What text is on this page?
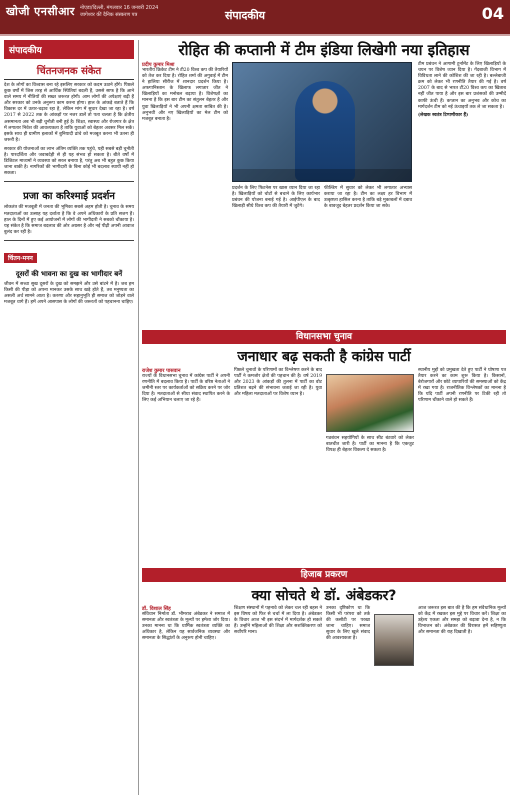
खोजी एनसीआर नोएडा/दिल्ली, मंगलवार 16 जनवरी 2024
जागेश्वर कीं दैनिक संस्करण पत्र	संपादकीय	04
संपादकीय
चिंतनजनक संकेत

देश के लोगों का विश्वास बना रहे इसलिए सरकार को कदम उठाने होंगे। पिछले कुछ वर्षों में जिस तरह से आर्थिक स्थितियां बदली हैं, उससे साफ है कि आने वाले समय में नीतियों की सख्त जरूरत होगी। आम लोगों की अपेक्षाएं बढ़ी हैं और सरकार को उनके अनुरूप काम करना होगा। हाल के आंकड़े बताते हैं कि विकास दर में उतार-चढ़ाव रहा है, लेकिन मांग में सुधार देखा जा रहा है। वर्ष 2017 से 2022 तक के आंकड़ों पर नजर डालें तो पता चलता है कि क्षेत्रीय असमानता अब भी बड़ी चुनौती बनी हुई है। शिक्षा, स्वास्थ्य और रोजगार के क्षेत्र में लगातार निवेश की आवश्यकता है ताकि युवाओं को बेहतर अवसर मिल सकें। इसके साथ ही ग्रामीण इलाकों में बुनियादी ढांचे को मजबूत करना भी उतना ही जरूरी है।

सरकार की योजनाओं का लाभ अंतिम व्यक्ति तक पहुंचे, यही सबसे बड़ी चुनौती है। पारदर्शिता और जवाबदेही से ही यह संभव हो सकता है। बीते वर्षों में डिजिटल माध्यमों ने व्यवस्था को सरल बनाया है, परंतु अब भी बहुत कुछ किया जाना बाकी है। नागरिकों की भागीदारी के बिना कोई भी बदलाव स्थायी नहीं हो सकता।

प्रजा का करिश्माई प्रदर्शन

लोकतंत्र की मजबूती में जनता की भूमिका सबसे अहम होती है। चुनाव के समय मतदाताओं का उत्साह यह दर्शाता है कि वे अपने अधिकारों के प्रति सजग हैं। हाल के दिनों में हुए कई आयोजनों में लोगों की भागीदारी ने सबको चौंकाया है। यह संकेत है कि समाज बदलाव की ओर अग्रसर है और नई पीढ़ी अपनी आवाज बुलंद कर रही है।

चिंतन-मनन
दूसरों की भावना का दुख का भागीदार बनें

जीवन में सच्चा सुख दूसरों के दुख को समझने और उसे बांटने में है। जब हम किसी की पीड़ा को अपना मानकर उसके साथ खड़े होते हैं, तब मनुष्यता का असली अर्थ सामने आता है। करुणा और सहानुभूति ही समाज को जोड़ने वाले मजबूत धागे हैं। हमें अपने आसपास के लोगों की जरूरतों को पहचानना चाहिए।

रोहित की कप्तानी में टीम इंडिया लिखेगी नया इतिहास
प्रदीप कुमार मिश्रा

भारतीय क्रिकेट टीम ने टी20 विश्व कप की तैयारियों को तेज कर दिया है। रोहित शर्मा की अगुवाई में टीम ने हालिया सीरीज में शानदार प्रदर्शन किया है। अफगानिस्तान के खिलाफ लगातार जीत ने खिलाड़ियों का मनोबल बढ़ाया है। विशेषज्ञों का मानना है कि इस बार टीम का संतुलन बेहतर है और युवा खिलाड़ियों ने भी अपनी क्षमता साबित की है। अनुभवी और नए खिलाड़ियों का मेल टीम को मजबूत बनाता है।

प्रदर्शन के लिए फिटनेस पर खास ध्यान दिया जा रहा है। खिलाड़ियों को चोटों से बचाने के लिए कार्यभार प्रबंधन की योजना बनाई गई है। आईपीएल के बाद खिलाड़ी सीधे विश्व कप की तैयारी में जुटेंगे।

फील्डिंग में सुधार को लेकर भी लगातार अभ्यास कराया जा रहा है। टीम का लक्ष्य हर विभाग में उत्कृष्टता हासिल करना है ताकि बड़े मुकाबलों में दबाव के बावजूद बेहतर प्रदर्शन किया जा सके।

टीम प्रबंधन ने आगामी टूर्नामेंट के लिए खिलाड़ियों के चयन पर विशेष ध्यान दिया है। गेंदबाजी विभाग में विविधता लाने की कोशिश की जा रही है। बल्लेबाजी क्रम को लेकर भी रणनीति तैयार की गई है। वर्ष 2007 के बाद से भारत टी20 विश्व कप का खिताब नहीं जीत पाया है और इस बार प्रशंसकों की उम्मीदें काफी ऊंची हैं। कप्तान का अनुभव और कोच का मार्गदर्शन टीम को नई ऊंचाइयों तक ले जा सकता है।

(लेखक स्वतंत्र टिप्पणीकार हैं)

विधानसभा चुनाव
जनाधार बढ़ सकती है कांग्रेस पार्टी
राजेश कुमार पासवान

राज्यों के विधानसभा चुनाव में कांग्रेस पार्टी ने अपनी रणनीति में बदलाव किया है। पार्टी के वरिष्ठ नेताओं ने जमीनी स्तर पर कार्यकर्ताओं को सक्रिय करने पर जोर दिया है। मतदाताओं से सीधा संवाद स्थापित करने के लिए कई अभियान चलाए जा रहे हैं।

पिछले चुनावों के परिणामों का विश्लेषण करने के बाद पार्टी ने कमजोर क्षेत्रों की पहचान की है। वर्ष 2019 और 2023 के आंकड़ों की तुलना में पार्टी का वोट प्रतिशत बढ़ने की संभावना जताई जा रही है। युवा और महिला मतदाताओं पर विशेष ध्यान है।

गठबंधन सहयोगियों के साथ सीट बंटवारे को लेकर बातचीत जारी है। पार्टी का मानना है कि एकजुट विपक्ष ही बेहतर विकल्प दे सकता है।

स्थानीय मुद्दों को प्रमुखता देते हुए पार्टी ने घोषणा पत्र तैयार करने का काम शुरू किया है। किसानों, बेरोजगारों और छोटे व्यापारियों की समस्याओं को केंद्र में रखा गया है। राजनीतिक विश्लेषकों का मानना है कि यदि पार्टी अपनी रणनीति पर टिकी रही तो परिणाम चौंकाने वाले हो सकते हैं।

हिजाब प्रकरण
क्या सोचते थे डॉ. अंबेडकर?
डॉ. विशाल सिंह

संविधान निर्माता डॉ. भीमराव अंबेडकर ने समाज में समानता और स्वतंत्रता के मूल्यों पर हमेशा जोर दिया। उनका मानना था कि धार्मिक स्वतंत्रता व्यक्ति का अधिकार है, लेकिन यह सार्वजनिक व्यवस्था और समानता के सिद्धांतों के अनुरूप होनी चाहिए।

शिक्षण संस्थानों में पहनावे को लेकर चल रही बहस ने इस विषय को फिर से चर्चा में ला दिया है। अंबेडकर के विचार आज भी इस संदर्भ में मार्गदर्शक हो सकते हैं। उन्होंने महिलाओं की शिक्षा और सशक्तिकरण को सर्वोपरि माना।

उनका दृष्टिकोण था कि किसी भी परंपरा को तर्क की कसौटी पर परखा जाना चाहिए। समाज सुधार के लिए खुले संवाद की आवश्यकता है।

आज जरूरत इस बात की है कि हम संवैधानिक मूल्यों को केंद्र में रखकर इस मुद्दे पर विचार करें। शिक्षा का उद्देश्य एकता और समझ को बढ़ावा देना है, न कि विभाजन को। अंबेडकर की विरासत हमें सहिष्णुता और समानता की राह दिखाती है।
